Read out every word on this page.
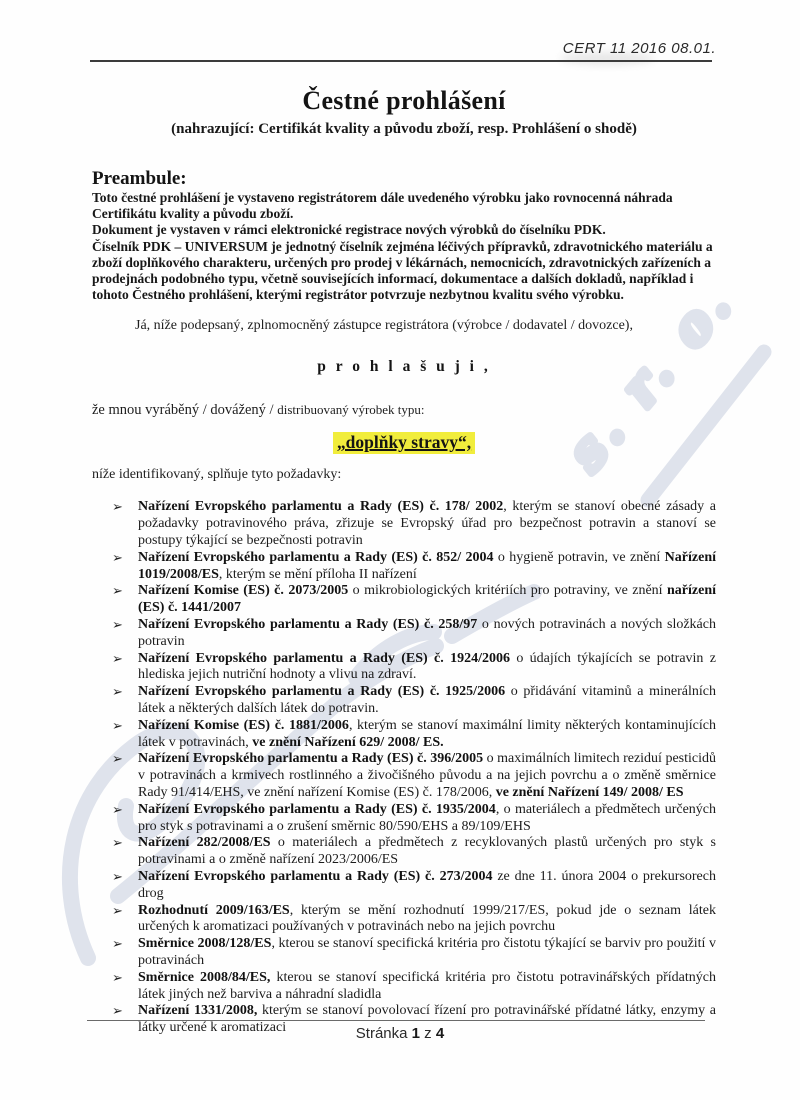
s. r. o.
CERT 11 2016 08.01.
Čestné prohlášení
(nahrazující: Certifikát kvality a původu zboží, resp. Prohlášení o shodě)
Preambule:

Toto čestné prohlášení je vystaveno registrátorem dále uvedeného výrobku jako rovnocenná náhrada Certifikátu kvality a původu zboží.

Dokument je vystaven v rámci elektronické registrace nových výrobků do číselníku PDK.

Číselník PDK – UNIVERSUM je jednotný číselník zejména léčivých přípravků, zdravotnického materiálu a zboží doplňkového charakteru, určených pro prodej v lékárnách, nemocnicích, zdravotnických zařízeních a prodejnách podobného typu, včetně souvisejících informací, dokumentace a dalších dokladů, například i tohoto Čestného prohlášení, kterými registrátor potvrzuje nezbytnou kvalitu svého výrobku.

Já, níže podepsaný, zplnomocněný zástupce registrátora (výrobce / dodavatel / dovozce),
p r o h l a š u j i ,
že mnou vyráběný / dovážený / distribuovaný výrobek typu:
„doplňky stravy“,
níže identifikovaný, splňuje tyto požadavky:
➢ Nařízení Evropského parlamentu a Rady (ES) č. 178/ 2002, kterým se stanoví obecné zásady a požadavky potravinového práva, zřizuje se Evropský úřad pro bezpečnost potravin a stanoví se postupy týkající se bezpečnosti potravin
➢ Nařízení Evropského parlamentu a Rady (ES) č. 852/ 2004 o hygieně potravin, ve znění Nařízení 1019/2008/ES, kterým se mění příloha II nařízení
➢ Nařízení Komise (ES) č. 2073/2005 o mikrobiologických kritériích pro potraviny, ve znění nařízení (ES) č. 1441/2007
➢ Nařízení Evropského parlamentu a Rady (ES) č. 258/97 o nových potravinách a nových složkách potravin
➢ Nařízení Evropského parlamentu a Rady (ES) č. 1924/2006 o údajích týkajících se potravin z hlediska jejich nutriční hodnoty a vlivu na zdraví.
➢ Nařízení Evropského parlamentu a Rady (ES) č. 1925/2006 o přidávání vitaminů a minerálních látek a některých dalších látek do potravin.
➢ Nařízení Komise (ES) č. 1881/2006, kterým se stanoví maximální limity některých kontaminujících látek v potravinách, ve znění Nařízení 629/ 2008/ ES.
➢ Nařízení Evropského parlamentu a Rady (ES) č. 396/2005 o maximálních limitech reziduí pesticidů v potravinách a krmivech rostlinného a živočišného původu a na jejich povrchu a o změně směrnice Rady 91/414/EHS, ve znění nařízení Komise (ES) č. 178/2006, ve znění Nařízení 149/ 2008/ ES
➢ Nařízení Evropského parlamentu a Rady (ES) č. 1935/2004, o materiálech a předmětech určených pro styk s potravinami a o zrušení směrnic 80/590/EHS a 89/109/EHS
➢ Nařízení 282/2008/ES o materiálech a předmětech z recyklovaných plastů určených pro styk s potravinami a o změně nařízení 2023/2006/ES
➢ Nařízení Evropského parlamentu a Rady (ES) č. 273/2004 ze dne 11. února 2004 o prekursorech drog
➢ Rozhodnutí 2009/163/ES, kterým se mění rozhodnutí 1999/217/ES, pokud jde o seznam látek určených k aromatizaci používaných v potravinách nebo na jejich povrchu
➢ Směrnice 2008/128/ES, kterou se stanoví specifická kritéria pro čistotu týkající se barviv pro použití v potravinách
➢ Směrnice 2008/84/ES, kterou se stanoví specifická kritéria pro čistotu potravinářských přídatných látek jiných než barviva a náhradní sladidla
➢ Nařízení 1331/2008, kterým se stanoví povolovací řízení pro potravinářské přídatné látky, enzymy a látky určené k aromatizaci	Stránka 1 z 4
